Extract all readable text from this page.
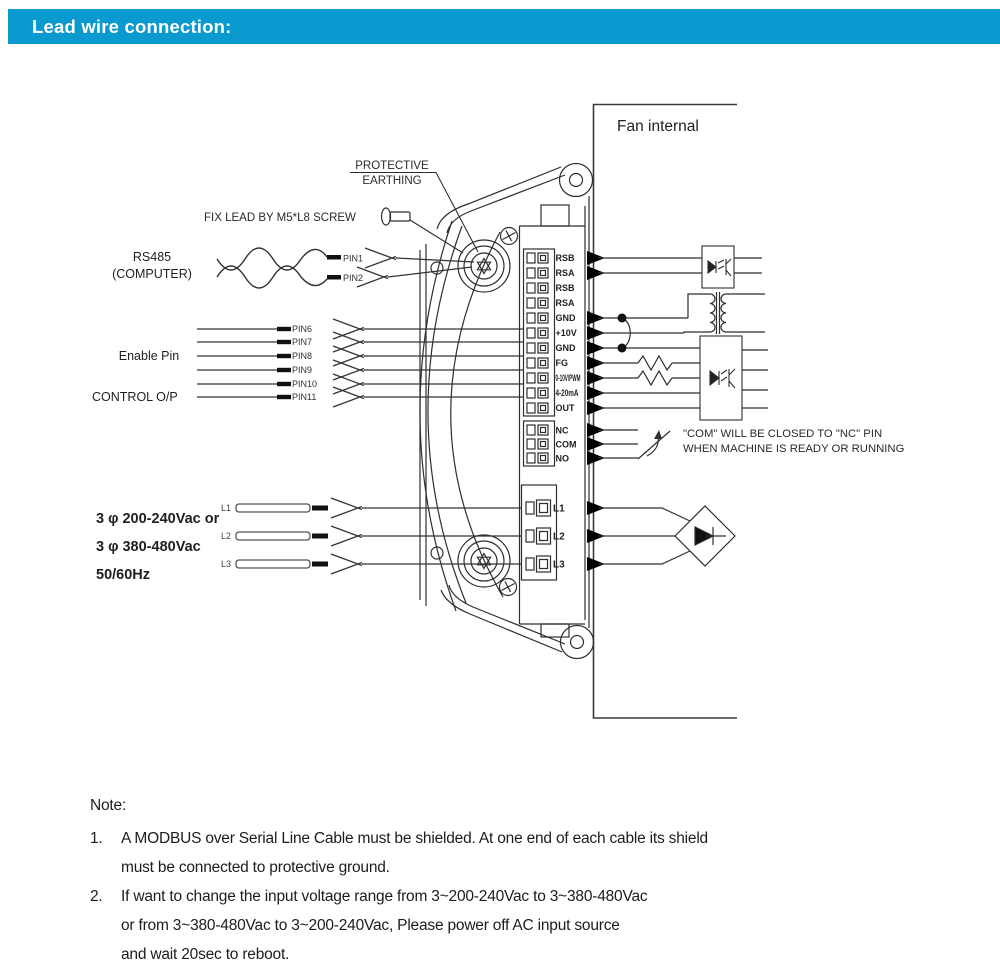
Lead wire connection:
Fan internal
RSB
RSA
RSB
RSA
GND
+10V
GND
FG
0-10V/PWM
4-20mA
OUT
NC
COM
NO
L1
L2
L3
PROTECTIVE
EARTHING
FIX LEAD BY M5*L8 SCREW
RS485
(COMPUTER)
PIN1
PIN2
Enable Pin
CONTROL O/P
PIN6
PIN7
PIN8
PIN9
PIN10
PIN11
3 φ 200-240Vac or
3 φ 380-480Vac
50/60Hz
L1
L2
L3
"COM" WILL BE CLOSED TO "NC" PIN
WHEN MACHINE IS READY OR RUNNING
Note:
1.	A MODBUS over Serial Line Cable must be shielded. At one end of each cable its shield
must be connected to protective ground.
2.	If want to change the input voltage range from 3~200-240Vac to 3~380-480Vac
or from 3~380-480Vac to 3~200-240Vac, Please power off AC input source
and wait 20sec to reboot.
